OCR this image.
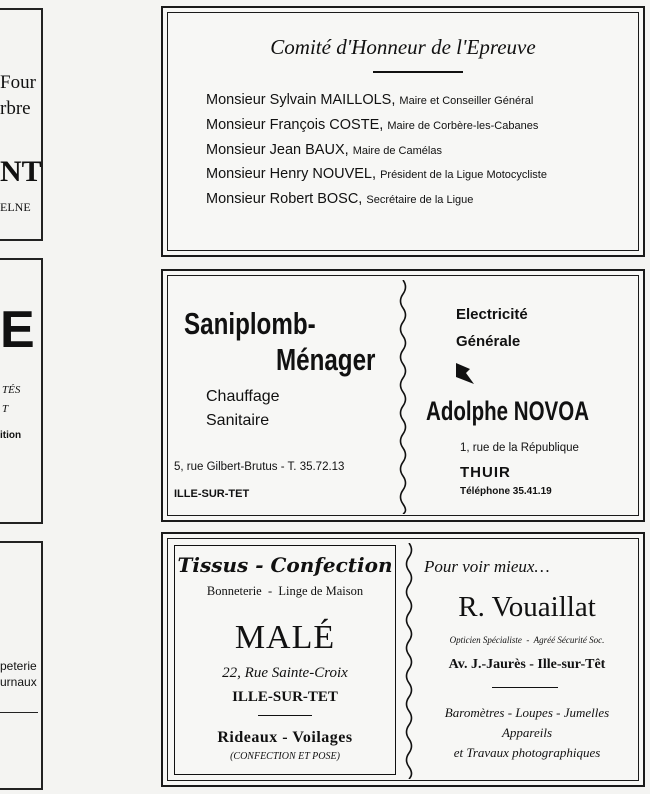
Four
rbre
NT
ELNE
E
TÉS
T
ition
peterie
urnaux
Comité d'Honneur de l'Epreuve
Monsieur Sylvain MAILLOLS, Maire et Conseiller Général
Monsieur François COSTE, Maire de Corbère-les-Cabanes
Monsieur Jean BAUX, Maire de Camélas
Monsieur Henry NOUVEL, Président de la Ligue Motocycliste
Monsieur Robert BOSC, Secrétaire de la Ligue
Saniplomb-
Ménager
Chauffage
Sanitaire
5, rue Gilbert-Brutus - T. 35.72.13
ILLE-SUR-TET
Electricité
Générale
Adolphe NOVOA
1, rue de la République
THUIR
Téléphone 35.41.19
Tissus - Confection
Bonneterie  -  Linge de Maison
MALÉ
22, Rue Sainte-Croix
ILLE-SUR-TET
Rideaux - Voilages
(CONFECTION ET POSE)
Pour voir mieux…
R. Vouaillat
Opticien Spécialiste  -  Agréé Sécurité Soc.
Av. J.-Jaurès - Ille-sur-Têt
Baromètres - Loupes - Jumelles
Appareils
et Travaux photographiques
